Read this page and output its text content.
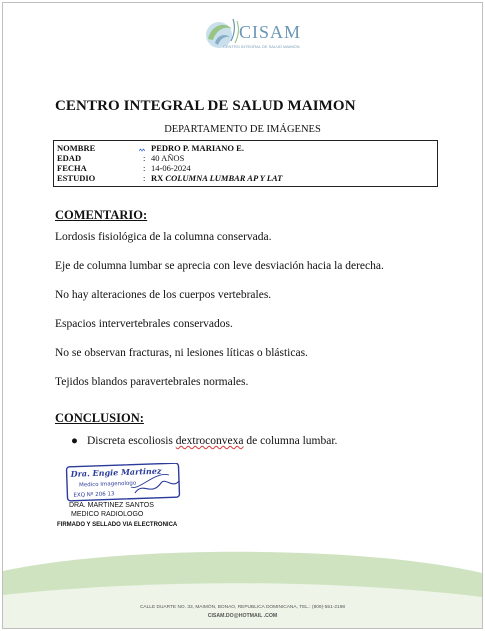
CISAM
CENTRO INTEGRAL DE SALUD MAIMON
CENTRO INTEGRAL DE SALUD MAIMON
DEPARTAMENTO DE IMÁGENES
NOMBRE	PEDRO P. MARIANO E.
EDAD	: 40 AÑOS
FECHA	: 14-06-2024
ESTUDIO	: RX COLUMNA LUMBAR AP Y LAT
COMENTARIO:
Lordosis fisiológica de la columna conservada.
Eje de columna lumbar se aprecia con leve desviación hacia la derecha.
No hay alteraciones de los cuerpos vertebrales.
Espacios intervertebrales conservados.
No se observan fracturas, ni lesiones líticas o blásticas.
Tejidos blandos paravertebrales normales.
CONCLUSION:
● Discreta escoliosis dextroconvexa de columna lumbar.
Dra. Engie Martinez
Medico Imagenologo
EXQ Nº 206 13
DRA. MARTINEZ SANTOS
MEDICO RADIOLOGO
FIRMADO Y SELLADO VIA ELECTRONICA
CALLE DUARTE NO. 33, MAIMÓN, BONAO, REPUBLICA DOMINICANA, TEL.: (809)-551-2198
CISAM.DO@HOTMAIL .COM
